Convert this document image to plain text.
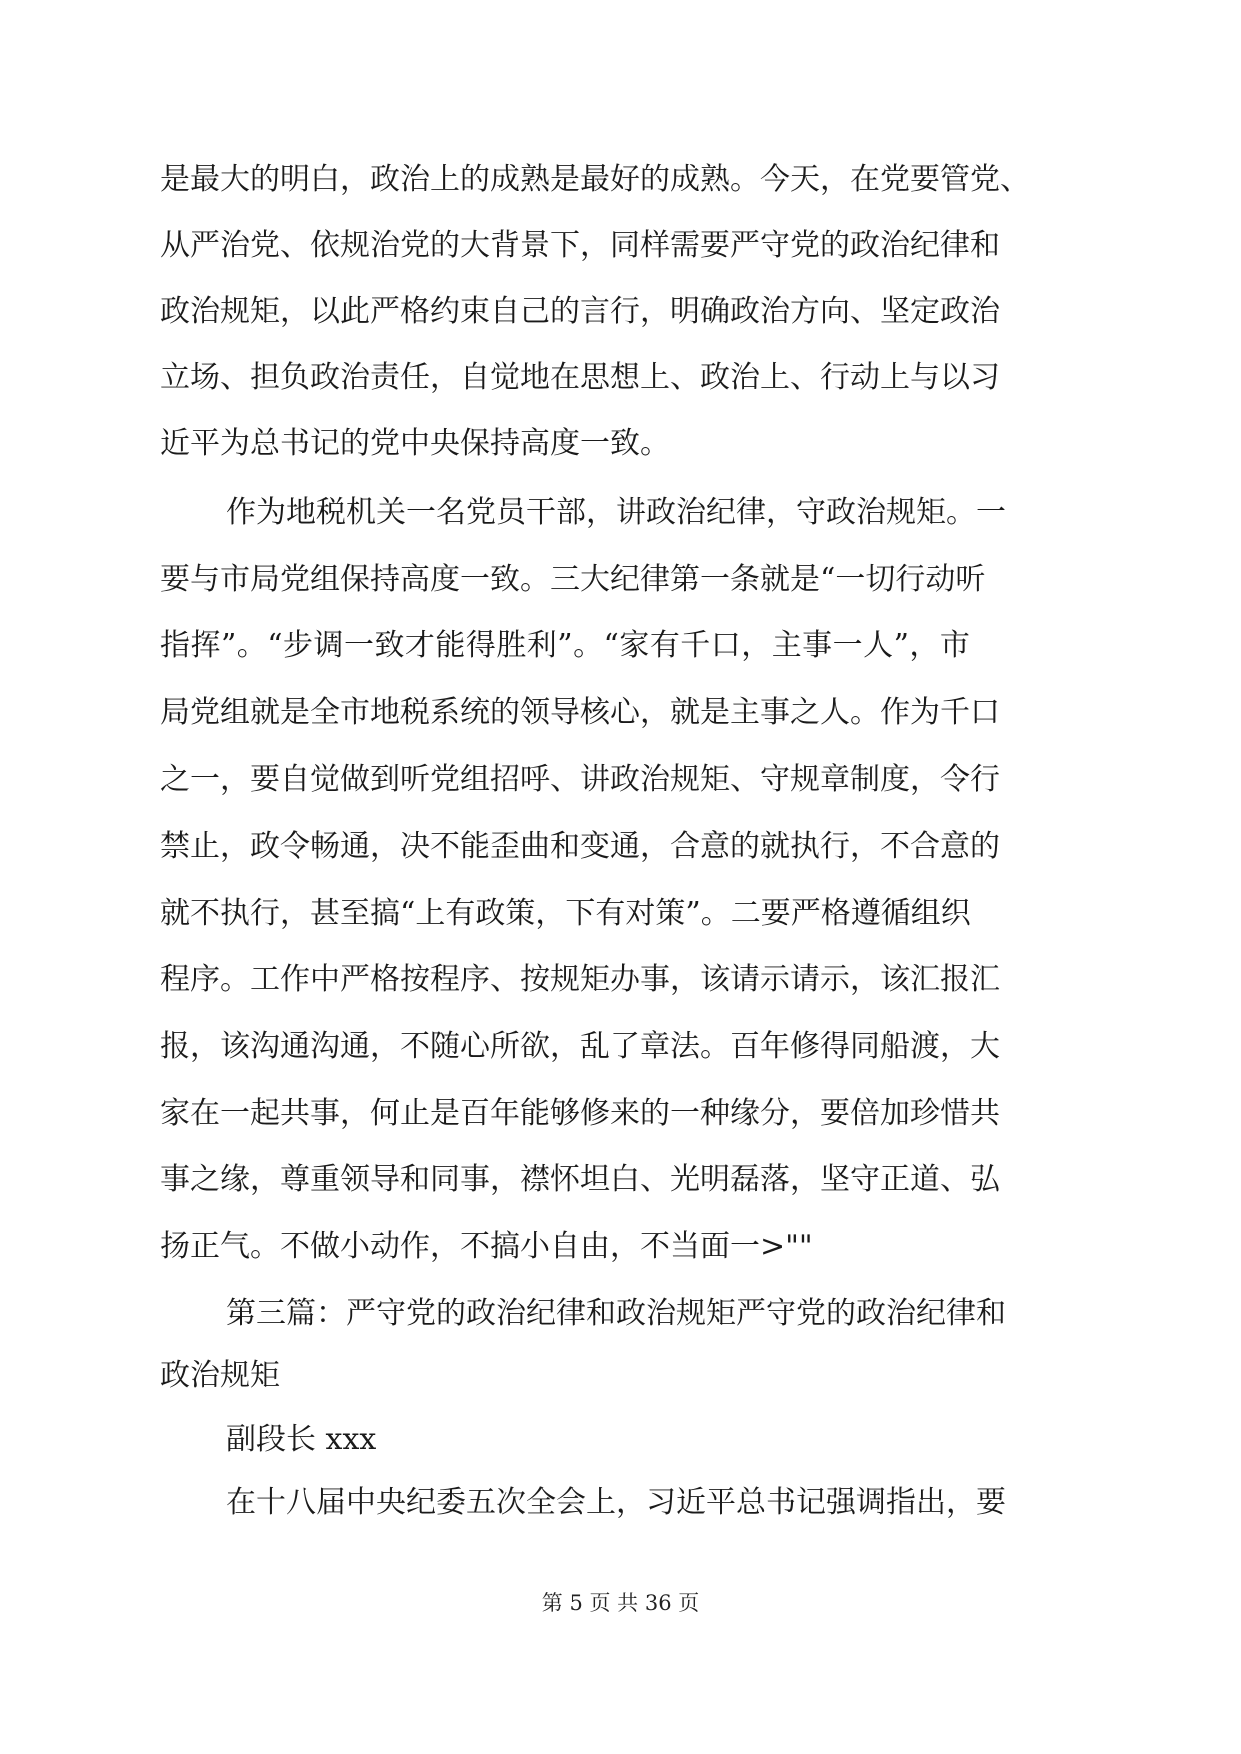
是 最 大 的 明 白 ， 政 治 上 的 成 熟 是 最 好 的 成 熟 。 今 天 ， 在 党 要 管 党 、
从 严 治 党 、 依 规 治 党 的 大 背 景 下 ， 同 样 需 要 严 守 党 的 政 治 纪 律 和
政 治 规 矩 ， 以 此 严 格 约 束 自 己 的 言 行 ， 明 确 政 治 方 向 、 坚 定 政 治
立 场 、 担 负 政 治 责 任 ， 自 觉 地 在 思 想 上 、 政 治 上 、 行 动 上 与 以 习
近平为总书记的党中央保持高度一致。
作 为 地 税 机 关 一 名 党 员 干 部 ， 讲 政 治 纪 律 ， 守 政 治 规 矩 。 一
要 与 市 局 党 组 保 持 高 度 一 致 。 三 大 纪 律 第 一 条 就 是 “ 一 切 行 动 听
指 挥 ” 。 “ 步 调 一 致 才 能 得 胜 利 ” 。 “ 家 有 千 口 ， 主 事 一 人 ” ， 市
局 党 组 就 是 全 市 地 税 系 统 的 领 导 核 心 ， 就 是 主 事 之 人 。 作 为 千 口
之 一 ， 要 自 觉 做 到 听 党 组 招 呼 、 讲 政 治 规 矩 、 守 规 章 制 度 ， 令 行
禁 止 ， 政 令 畅 通 ， 决 不 能 歪 曲 和 变 通 ， 合 意 的 就 执 行 ， 不 合 意 的
就 不 执 行 ， 甚 至 搞 “ 上 有 政 策 ， 下 有 对 策 ” 。 二 要 严 格 遵 循 组 织
程 序 。 工 作 中 严 格 按 程 序 、 按 规 矩 办 事 ， 该 请 示 请 示 ， 该 汇 报 汇
报 ， 该 沟 通 沟 通 ， 不 随 心 所 欲 ， 乱 了 章 法 。 百 年 修 得 同 船 渡 ， 大
家 在 一 起 共 事 ， 何 止 是 百 年 能 够 修 来 的 一 种 缘 分 ， 要 倍 加 珍 惜 共
事 之 缘 ， 尊 重 领 导 和 同 事 ， 襟 怀 坦 白 、 光 明 磊 落 ， 坚 守 正 道 、 弘
扬正气。不做小动作，不搞小自由，不当面一>""
第 三 篇 ： 严 守 党 的 政 治 纪 律 和 政 治 规 矩 严 守 党 的 政 治 纪 律 和
政治规矩
副段长 xxx
在 十 八 届 中 央 纪 委 五 次 全 会 上 ， 习 近 平 总 书 记 强 调 指 出 ， 要
第 5 页 共 36 页
